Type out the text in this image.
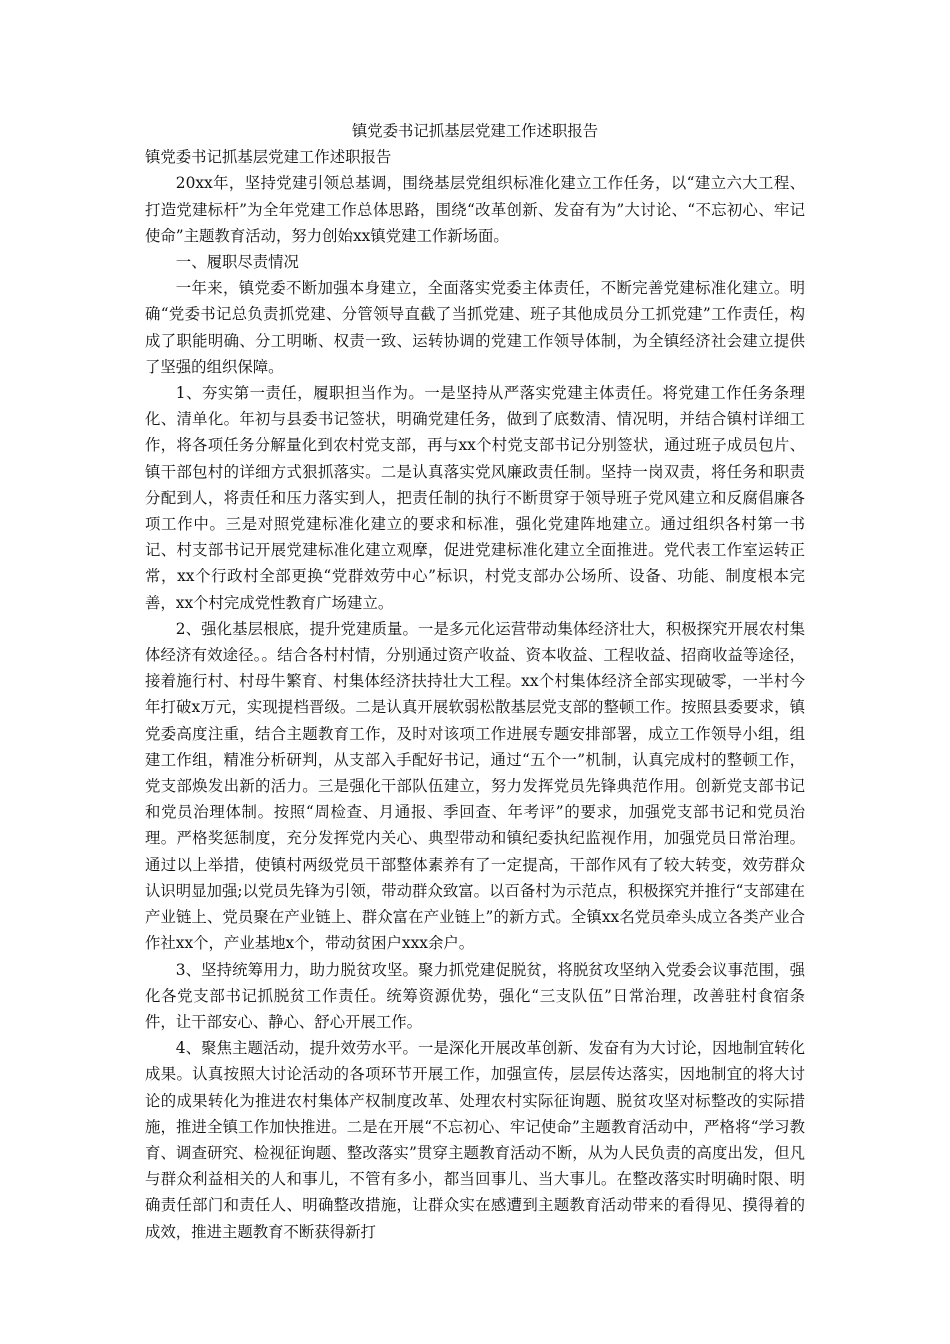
镇党委书记抓基层党建工作述职报告
镇党委书记抓基层党建工作述职报告

20xx年，坚持党建引领总基调，围绕基层党组织标准化建立工作任务，以“建立六大工程、打造党建标杆”为全年党建工作总体思路，围绕“改革创新、发奋有为”大讨论、“不忘初心、牢记使命”主题教育活动，努力创始xx镇党建工作新场面。

一、履职尽责情况

一年来，镇党委不断加强本身建立，全面落实党委主体责任，不断完善党建标准化建立。明确“党委书记总负责抓党建、分管领导直截了当抓党建、班子其他成员分工抓党建”工作责任，构成了职能明确、分工明晰、权责一致、运转协调的党建工作领导体制，为全镇经济社会建立提供了坚强的组织保障。

1、夯实第一责任，履职担当作为。一是坚持从严落实党建主体责任。将党建工作任务条理化、清单化。年初与县委书记签状，明确党建任务，做到了底数清、情况明，并结合镇村详细工作，将各项任务分解量化到农村党支部，再与xx个村党支部书记分别签状，通过班子成员包片、镇干部包村的详细方式狠抓落实。二是认真落实党风廉政责任制。坚持一岗双责，将任务和职责分配到人，将责任和压力落实到人，把责任制的执行不断贯穿于领导班子党风建立和反腐倡廉各项工作中。三是对照党建标准化建立的要求和标准，强化党建阵地建立。通过组织各村第一书记、村支部书记开展党建标准化建立观摩，促进党建标准化建立全面推进。党代表工作室运转正常，xx个行政村全部更换“党群效劳中心”标识，村党支部办公场所、设备、功能、制度根本完善，xx个村完成党性教育广场建立。

2、强化基层根底，提升党建质量。一是多元化运营带动集体经济壮大，积极探究开展农村集体经济有效途径。。结合各村村情，分别通过资产收益、资本收益、工程收益、招商收益等途径，接着施行村、村母牛繁育、村集体经济扶持壮大工程。xx个村集体经济全部实现破零，一半村今年打破x万元，实现提档晋级。二是认真开展软弱松散基层党支部的整顿工作。按照县委要求，镇党委高度注重，结合主题教育工作，及时对该项工作进展专题安排部署，成立工作领导小组，组建工作组，精准分析研判，从支部入手配好书记，通过“五个一”机制，认真完成村的整顿工作，党支部焕发出新的活力。三是强化干部队伍建立，努力发挥党员先锋典范作用。创新党支部书记和党员治理体制。按照“周检查、月通报、季回查、年考评”的要求，加强党支部书记和党员治理。严格奖惩制度，充分发挥党内关心、典型带动和镇纪委执纪监视作用，加强党员日常治理。通过以上举措，使镇村两级党员干部整体素养有了一定提高，干部作风有了较大转变，效劳群众认识明显加强;以党员先锋为引领，带动群众致富。以百备村为示范点，积极探究并推行“支部建在产业链上、党员聚在产业链上、群众富在产业链上”的新方式。全镇xx名党员牵头成立各类产业合作社xx个，产业基地x个，带动贫困户xxx余户。

3、坚持统筹用力，助力脱贫攻坚。聚力抓党建促脱贫，将脱贫攻坚纳入党委会议事范围，强化各党支部书记抓脱贫工作责任。统筹资源优势，强化“三支队伍”日常治理，改善驻村食宿条件，让干部安心、静心、舒心开展工作。

4、聚焦主题活动，提升效劳水平。一是深化开展改革创新、发奋有为大讨论，因地制宜转化成果。认真按照大讨论活动的各项环节开展工作，加强宣传，层层传达落实，因地制宜的将大讨论的成果转化为推进农村集体产权制度改革、处理农村实际征询题、脱贫攻坚对标整改的实际措施，推进全镇工作加快推进。二是在开展“不忘初心、牢记使命”主题教育活动中，严格将“学习教育、调查研究、检视征询题、整改落实”贯穿主题教育活动不断，从为人民负责的高度出发，但凡与群众利益相关的人和事儿，不管有多小，都当回事儿、当大事儿。在整改落实时明确时限、明确责任部门和责任人、明确整改措施，让群众实在感遭到主题教育活动带来的看得见、摸得着的成效，推进主题教育不断获得新打
